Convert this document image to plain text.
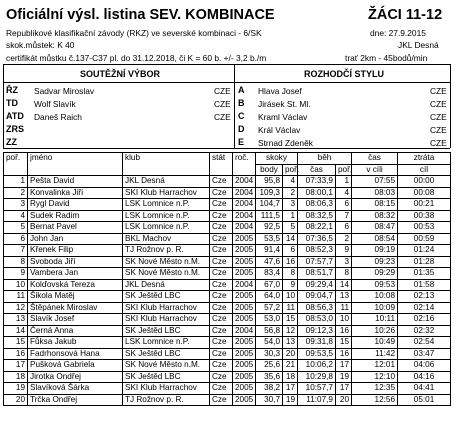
Oficiální výsl. listina SEV. KOMBINACE	ŽÁCI 11-12
Republikové klasifikační závody (RKZ) ve severské kombinaci - 6/SK	dne: 27.9.2015
skok.můstek: K 40	JKL Desná
certifikát můstku č.137-C37 pl. do 31.12.2018, či K = 60 b. +/- 3,2 b./m	trať 2km - 45bodů/min
SOUTĚŽNÍ VÝBOR	ROZHODČÍ STYLU
ŘZ Sadvar Miroslav	CZE
TD Wolf Slavík	CZE
ATD Daneš Raich	CZE
ZRS
ZZ
A Hlava Josef	CZE
B Jirásek St. Ml.	CZE
C Kraml Václav	CZE
D Král Václav	CZE
E Strnad Zdeněk	CZE
poř.	jméno	klub	stát	roč.	skoky		běh		čas	ztráta
					body	poř.	čas	poř.	v cíli	cíl
1	Pešta David	JKL Desná	Cze	2004	95,8	4	07:33,9	1	07:55	00:00
2	Konvalinka Jiří	SKI Klub Harrachov	Cze	2004	109,3	2	08:00,1	4	08:03	00:08
3	Rygl David	LSK Lomnice n.P.	Cze	2004	104,7	3	08:06,3	6	08:15	00:21
4	Sudek Radim	LSK Lomnice n.P.	Cze	2004	111,5	1	08:32,5	7	08:32	00:38
5	Bernat Pavel	LSK Lomnice n.P.	Cze	2004	92,5	5	08:22,1	6	08:47	00:53
6	John Jan	BKL Machov	Cze	2005	53,5	14	07:36,5	2	08:54	00:59
7	Křenek Filip	TJ Rožnov p. R.	Cze	2005	91,4	6	08:52,3	9	09:19	01:24
8	Svoboda Jiří	SK Nové Město n.M.	Cze	2005	47,6	16	07:57,7	3	09:23	01:28
9	Vambera Jan	SK Nové Město n.M.	Cze	2005	83,4	8	08:51,7	8	09:29	01:35
10	Kolďovská Tereza	JKL Desná	Cze	2004	67,0	9	09:29,4	14	09:53	01:58
11	Šikola Matěj	SK Ještěd LBC	Cze	2005	64,0	10	09:04,7	13	10:08	02:13
12	Štěpánek Miroslav	SKI Klub Harrachov	Cze	2005	57,2	11	08:56,3	11	10:09	02:14
13	Slavík Josef	SKI Klub Harrachov	Cze	2005	53,0	15	08:53,0	10	10:11	02:16
14	Černá Anna	SK Ještěd LBC	Cze	2004	56,8	12	09:12,3	16	10:26	02:32
15	Fůksa Jakub	LSK Lomnice n.P.	Cze	2005	54,0	13	09:31,8	15	10:49	02:54
16	Fadrhonsová Hana	SK Ještěd LBC	Cze	2005	30,3	20	09:53,5	16	11:42	03:47
17	Pušková Gabriela	SK Nové Město n.M.	Cze	2005	25,6	21	10:06,2	17	12:01	04:06
18	Jirotka Ondřej	SK Ještěd LBC	Cze	2005	35,6	18	10:29,8	19	12:10	04:16
19	Slavíková Šárka	SKI Klub Harrachov	Cze	2005	38,2	17	10:57,7	17	12:35	04:41
20	Trčka Ondřej	TJ Rožnov p. R.	Cze	2005	30,7	19	11:07,9	20	12:56	05:01
